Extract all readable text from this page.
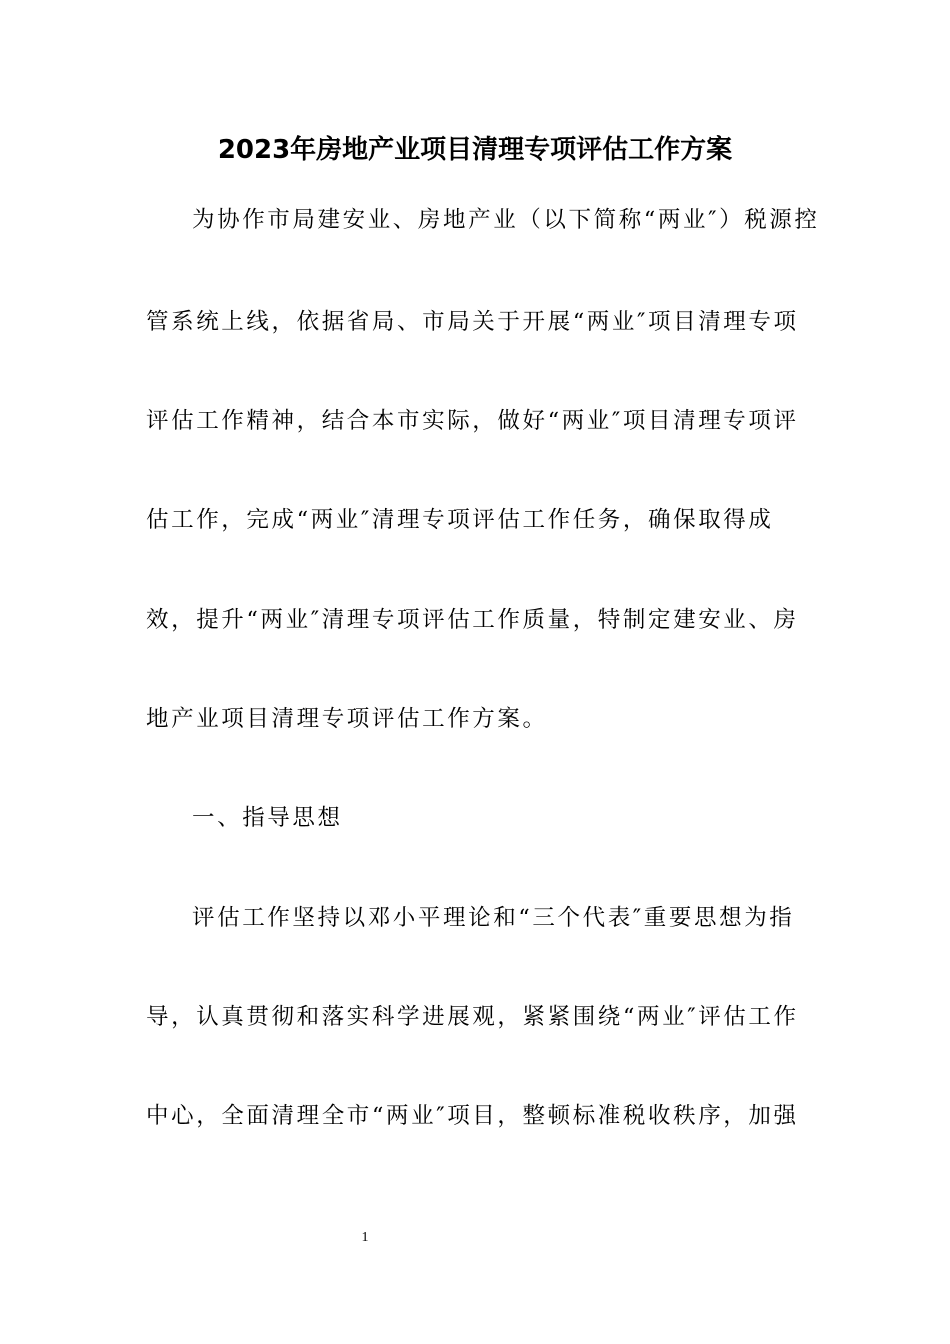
2023年房地产业项目清理专项评估工作方案
为协作市局建安业、房地产业（以下简称“两业″）税源控
管系统上线，依据省局、市局关于开展“两业″项目清理专项
评估工作精神，结合本市实际，做好“两业″项目清理专项评
估工作，完成“两业″清理专项评估工作任务，确保取得成
效，提升“两业″清理专项评估工作质量，特制定建安业、房
地产业项目清理专项评估工作方案。
一、指导思想
评估工作坚持以邓小平理论和“三个代表″重要思想为指
导，认真贯彻和落实科学进展观，紧紧围绕“两业″评估工作
中心，全面清理全市“两业″项目，整顿标准税收秩序，加强
1
